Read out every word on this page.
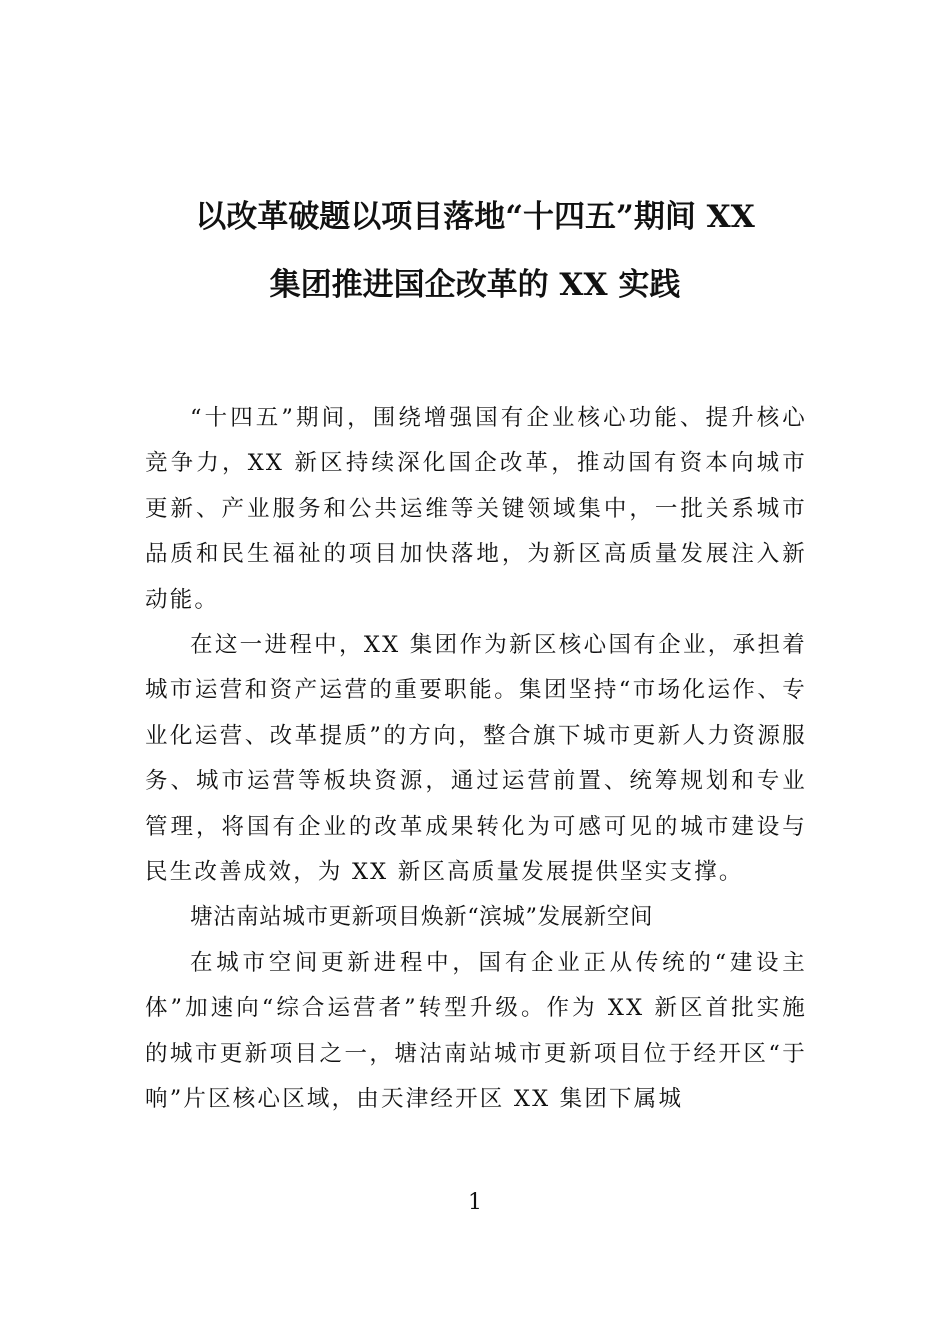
以改革破题以项目落地“十四五”期间 XX
集团推进国企改革的 XX 实践

“十四五”期间，围绕增强国有企业核心功能、提升核心竞争力，XX 新区持续深化国企改革，推动国有资本向城市更新、产业服务和公共运维等关键领域集中，一批关系城市品质和民生福祉的项目加快落地，为新区高质量发展注入新动能。

在这一进程中，XX 集团作为新区核心国有企业，承担着城市运营和资产运营的重要职能。集团坚持“市场化运作、专业化运营、改革提质”的方向，整合旗下城市更新人力资源服务、城市运营等板块资源，通过运营前置、统筹规划和专业管理，将国有企业的改革成果转化为可感可见的城市建设与民生改善成效，为 XX 新区高质量发展提供坚实支撑。

塘沽南站城市更新项目焕新“滨城”发展新空间

在城市空间更新进程中，国有企业正从传统的“建设主体”加速向“综合运营者”转型升级。作为 XX 新区首批实施的城市更新项目之一，塘沽南站城市更新项目位于经开区“于响”片区核心区域，由天津经开区 XX 集团下属城

1
